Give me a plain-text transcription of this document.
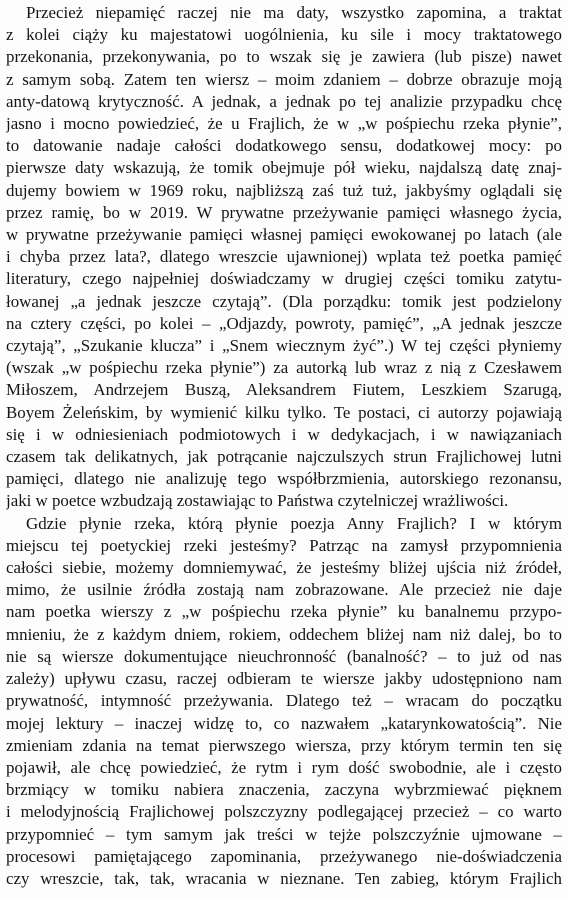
Przecież niepamięć raczej nie ma daty, wszystko zapomina, a traktat
z kolei ciąży ku majestatowi uogólnienia, ku sile i mocy traktatowego
przekonania, przekonywania, po to wszak się je zawiera (lub pisze) nawet
z samym sobą. Zatem ten wiersz – moim zdaniem – dobrze obrazuje moją
anty-datową krytyczność. A jednak, a jednak po tej analizie przypadku chcę
jasno i mocno powiedzieć, że u Frajlich, że w „w pośpiechu rzeka płynie”,
to datowanie nadaje całości dodatkowego sensu, dodatkowej mocy: po
pierwsze daty wskazują, że tomik obejmuje pół wieku, najdalszą datę znaj-
dujemy bowiem w 1969 roku, najbliższą zaś tuż tuż, jakbyśmy oglądali się
przez ramię, bo w 2019. W prywatne przeżywanie pamięci własnego życia,
w prywatne przeżywanie pamięci własnej pamięci ewokowanej po latach (ale
i chyba przez lata?, dlatego wreszcie ujawnionej) wplata też poetka pamięć
literatury, czego najpełniej doświadczamy w drugiej części tomiku zatytu-
łowanej „a jednak jeszcze czytają”. (Dla porządku: tomik jest podzielony
na cztery części, po kolei – „Odjazdy, powroty, pamięć”, „A jednak jeszcze
czytają”, „Szukanie klucza” i „Snem wiecznym żyć”.) W tej części płyniemy
(wszak „w pośpiechu rzeka płynie”) za autorką lub wraz z nią z Czesławem
Miłoszem, Andrzejem Buszą, Aleksandrem Fiutem, Leszkiem Szarugą,
Boyem Żeleńskim, by wymienić kilku tylko. Te postaci, ci autorzy pojawiają
się i w odniesieniach podmiotowych i w dedykacjach, i w nawiązaniach
czasem tak delikatnych, jak potrącanie najczulszych strun Frajlichowej lutni
pamięci, dlatego nie analizuję tego współbrzmienia, autorskiego rezonansu,
jaki w poetce wzbudzają zostawiając to Państwa czytelniczej wrażliwości.
Gdzie płynie rzeka, którą płynie poezja Anny Frajlich? I w którym
miejscu tej poetyckiej rzeki jesteśmy? Patrząc na zamysł przypomnienia
całości siebie, możemy domniemywać, że jesteśmy bliżej ujścia niż źródeł,
mimo, że usilnie źródła zostają nam zobrazowane. Ale przecież nie daje
nam poetka wierszy z „w pośpiechu rzeka płynie” ku banalnemu przypo-
mnieniu, że z każdym dniem, rokiem, oddechem bliżej nam niż dalej, bo to
nie są wiersze dokumentujące nieuchronność (banalność? – to już od nas
zależy) upływu czasu, raczej odbieram te wiersze jakby udostępniono nam
prywatność, intymność przeżywania. Dlatego też – wracam do początku
mojej lektury – inaczej widzę to, co nazwałem „katarynkowatością”. Nie
zmieniam zdania na temat pierwszego wiersza, przy którym termin ten się
pojawił, ale chcę powiedzieć, że rytm i rym dość swobodnie, ale i często
brzmiący w tomiku nabiera znaczenia, zaczyna wybrzmiewać pięknem
i melodyjnością Frajlichowej polszczyzny podlegającej przecież – co warto
przypomnieć – tym samym jak treści w tejże polszczyźnie ujmowane –
procesowi pamiętającego zapominania, przeżywanego nie-doświadczenia
czy wreszcie, tak, tak, wracania w nieznane. Ten zabieg, którym Frajlich
